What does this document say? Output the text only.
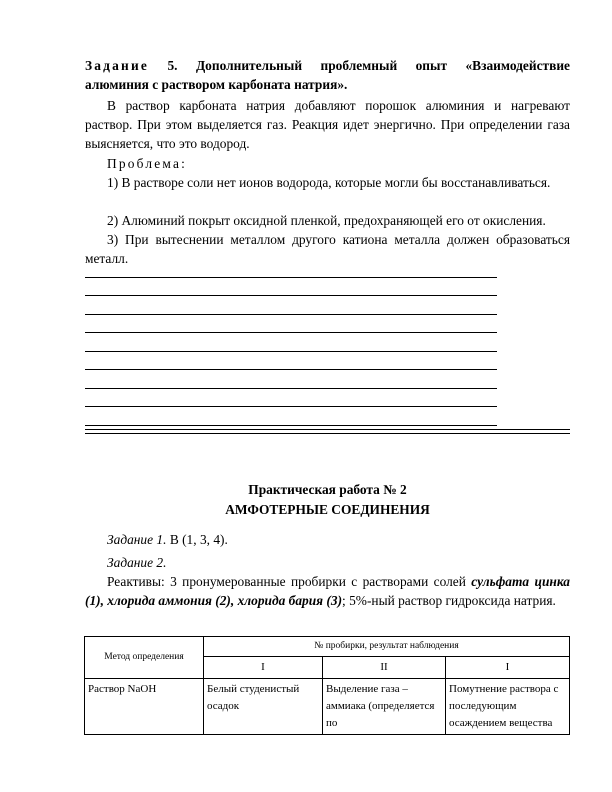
Задание 5. Дополнительный проблемный опыт «Взаимодействие

алюминия с раствором карбоната натрия».

В раствор карбоната натрия добавляют порошок алюминия и нагревают раствор. При этом выделяется газ. Реакция идет энергично. При определении газа выясняется, что это водород.

Проблема:

1) В растворе соли нет ионов водорода, которые могли бы восстанавливаться.

2) Алюминий покрыт оксидной пленкой, предохраняющей его от окисления.

3) При вытеснении металлом другого катиона металла должен образоваться металл.

Практическая работа № 2

АМФОТЕРНЫЕ СОЕДИНЕНИЯ

Задание 1. В (1, 3, 4).

Задание 2.

Реактивы: 3 пронумерованные пробирки с растворами солей сульфата цинка (1), хлорида аммония (2), хлорида бария (3); 5%-ный раствор гидроксида натрия.

Метод определения	№ пробирки, результат наблюдения		
	I	II	I
Раствор NaOH	Белый студенистый осадок	Выделение газа – аммиака (определяется по	Помутнение раствора с последующим осаждением вещества
